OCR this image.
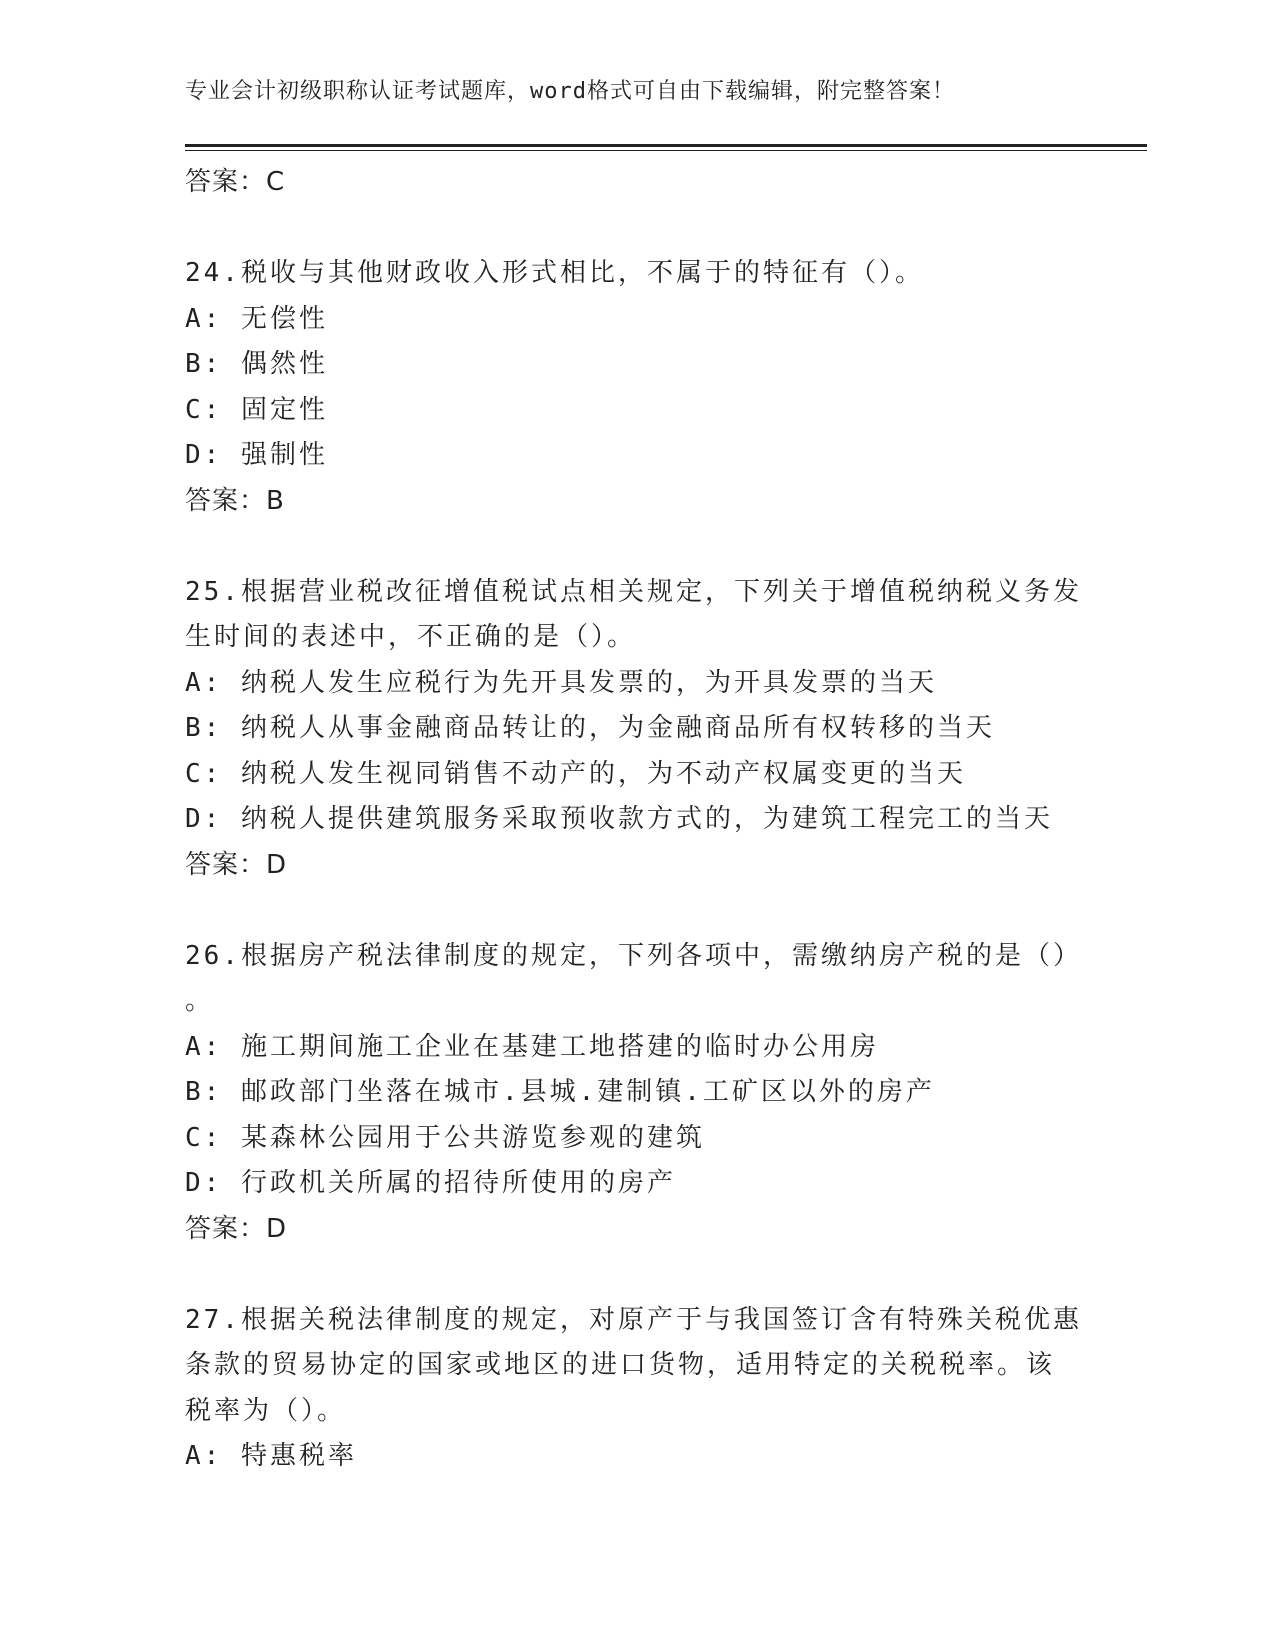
专业会计初级职称认证考试题库，word格式可自由下载编辑，附完整答案！
答案：C
24.税收与其他财政收入形式相比，不属于的特征有（）。
A: 无偿性
B: 偶然性
C: 固定性
D: 强制性
答案：B
25.根据营业税改征增值税试点相关规定，下列关于增值税纳税义务发
生时间的表述中，不正确的是（）。
A: 纳税人发生应税行为先开具发票的，为开具发票的当天
B: 纳税人从事金融商品转让的，为金融商品所有权转移的当天
C: 纳税人发生视同销售不动产的，为不动产权属变更的当天
D: 纳税人提供建筑服务采取预收款方式的，为建筑工程完工的当天
答案：D
26.根据房产税法律制度的规定，下列各项中，需缴纳房产税的是（）
。
A: 施工期间施工企业在基建工地搭建的临时办公用房
B: 邮政部门坐落在城市.县城.建制镇.工矿区以外的房产
C: 某森林公园用于公共游览参观的建筑
D: 行政机关所属的招待所使用的房产
答案：D
27.根据关税法律制度的规定，对原产于与我国签订含有特殊关税优惠
条款的贸易协定的国家或地区的进口货物，适用特定的关税税率。该
税率为（）。
A: 特惠税率
